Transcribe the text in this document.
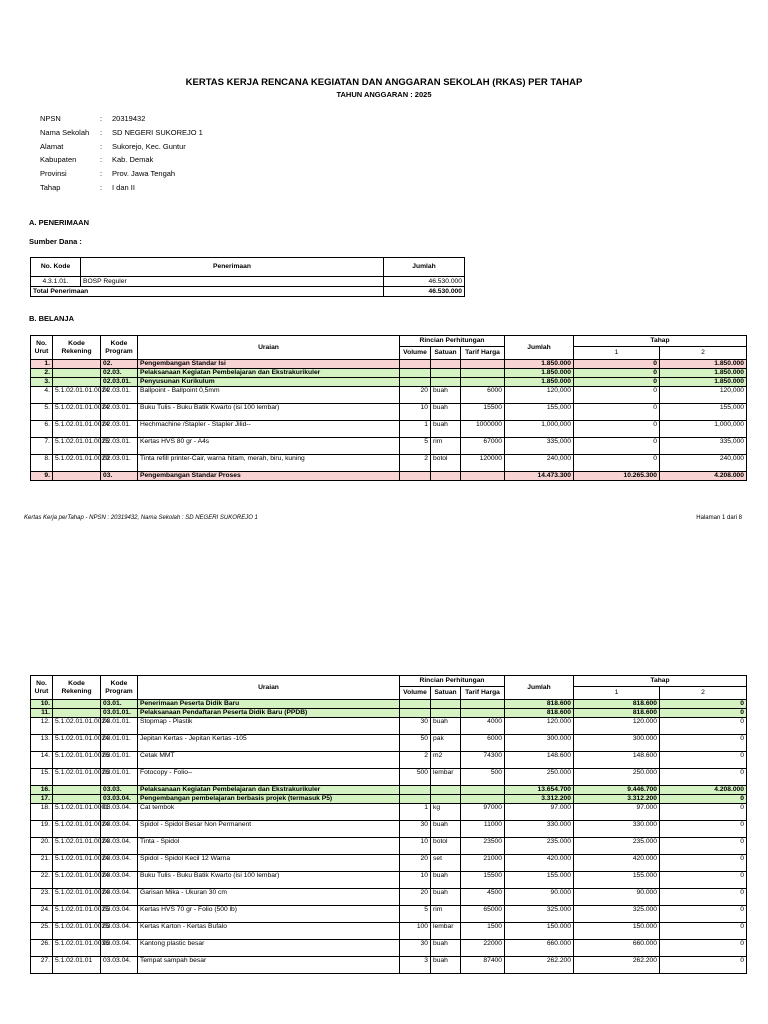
KERTAS KERJA RENCANA KEGIATAN DAN ANGGARAN SEKOLAH (RKAS) PER TAHAP
TAHUN ANGGARAN : 2025
NPSN	: 20319432
Nama Sekolah : SD NEGERI SUKOREJO 1
Alamat	: Sukorejo, Kec. Guntur
Kabupaten	: Kab. Demak
Provinsi	: Prov. Jawa Tengah
Tahap	: I dan II
A. PENERIMAAN
Sumber Dana :
No. Kode	Penerimaan	Jumlah
4.3.1.01.	BOSP Reguler	46.530.000
Total Penerimaan		46.530.000
B. BELANJA
No. Urut	Kode Rekening	Kode Program	Uraian	Rincian Perhitungan			Jumlah	Tahap	
				Volume	Satuan	Tarif Harga		1	2
1.		02.	Pengembangan Standar Isi				1.850.000	0	1.850.000
2.		02.03.	Pelaksanaan Kegiatan Pembelajaran dan Ekstrakurikuler				1.850.000	0	1.850.000
3.		02.03.01.	Penyusunan Kurikulum				1.850.000	0	1.850.000
4.	5.1.02.01.01.0024	02.03.01.	Ballpoint - Ballpoint 0,5mm	20	buah	6000	120,000	0	120,000
5.	5.1.02.01.01.0024	02.03.01.	Buku Tulis - Buku Batik Kwarto (isi 100 lembar)	10	buah	15500	155,000	0	155,000
6.	5.1.02.01.01.0024	02.03.01.	Hechmachine /Stapler - Stapler Jilid--	1	buah	1000000	1,000,000	0	1,000,000
7.	5.1.02.01.01.0025	02.03.01.	Kertas HVS 80 gr - A4s	5	rim	67000	335,000	0	335,000
8.	5.1.02.01.01.0029	02.03.01.	Tinta refill printer-Cair, warna hitam, merah, biru, kuning	2	botol	120000	240,000	0	240,000
9.		03.	Pengembangan Standar Proses				14.473.300	10.265.300	4.208.000
Kertas Kerja perTahap - NPSN : 20319432, Nama Sekolah : SD NEGERI SUKOREJO 1	Halaman 1 dari 8
No. Urut	Kode Rekening	Kode Program	Uraian	Rincian Perhitungan			Jumlah	Tahap	
				Volume	Satuan	Tarif Harga		1	2
10.		03.01.	Penerimaan Peserta Didik Baru				818.600	818.600	0
11.		03.01.01.	Pelaksanaan Pendaftaran Peserta Didik Baru (PPDB)				818.600	818.600	0
12.	5.1.02.01.01.0024	03.01.01.	Stopmap - Plastik	30	buah	4000	120.000	120.000	0
13.	5.1.02.01.01.0024	03.01.01.	Jepitan Kertas - Jepitan Kertas -105	50	pak	6000	300.000	300.000	0
14.	5.1.02.01.01.0026	03.01.01.	Cetak MMT	2	m2	74300	148.600	148.600	0
15.	5.1.02.01.01.0026	03.01.01.	Fotocopy - Folio--	500	lembar	500	250.000	250.000	0
16.		03.03.	Pelaksanaan Kegiatan Pembelajaran dan Ekstrakurikuler				13.654.700	9.446.700	4.208.000
17.		03.03.04.	Pengembangan pembelajaran berbasis projek (termasuk P5)				3.312.200	3.312.200	0
18.	5.1.02.01.01.0001	03.03.04.	Cat tembok	1	kg	97000	97.000	97.000	0
19.	5.1.02.01.01.0024	03.03.04.	Spidol - Spidol Besar Non Permanent	30	buah	11000	330.000	330.000	0
20.	5.1.02.01.01.0024	03.03.04.	Tinta - Spidol	10	botol	23500	235.000	235.000	0
21.	5.1.02.01.01.0024	03.03.04.	Spidol - Spidol Kecil 12 Warna	20	set	21000	420.000	420.000	0
22.	5.1.02.01.01.0024	03.03.04.	Buku Tulis - Buku Batik Kwarto (isi 100 lembar)	10	buah	15500	155.000	155.000	0
23.	5.1.02.01.01.0024	03.03.04.	Garisan Mika - Ukuran 30 cm	20	buah	4500	90.000	90.000	0
24.	5.1.02.01.01.0025	03.03.04.	Kertas HVS 70 gr - Folio (500 lb)	5	rim	65000	325.000	325.000	0
25.	5.1.02.01.01.0025	03.03.04.	Kertas Karton - Kertas Bufalo	100	lembar	1500	150.000	150.000	0
26.	5.1.02.01.01.0036	03.03.04.	Kantong plastic besar	30	buah	22000	660.000	660.000	0
27.	5.1.02.01.01	03.03.04.	Tempat sampah besar	3	buah	87400	262.200	262.200	0
